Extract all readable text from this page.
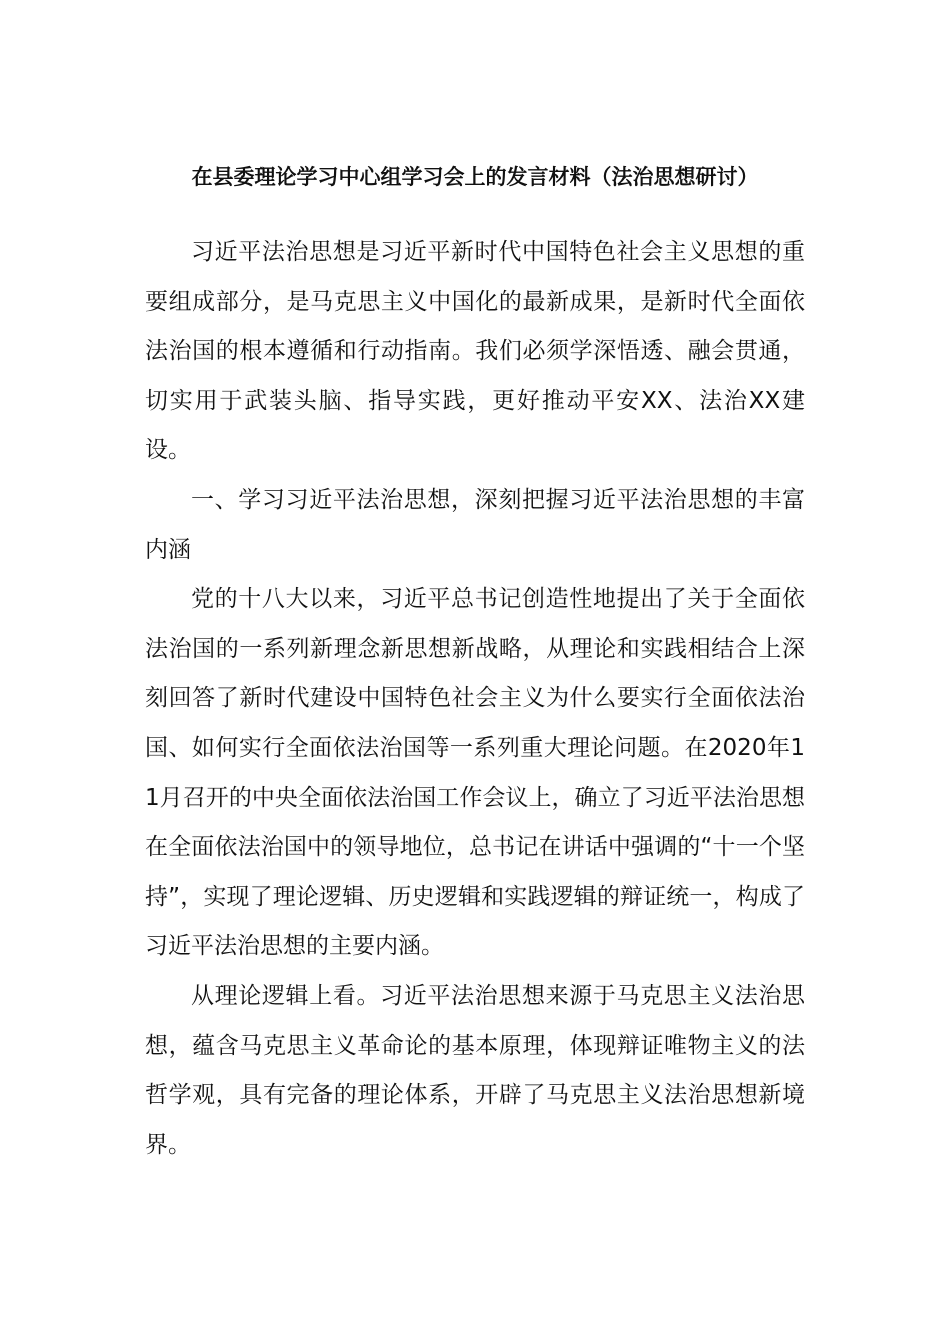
在县委理论学习中心组学习会上的发言材料（法治思想研讨）

习近平法治思想是习近平新时代中国特色社会主义思想的重要组成部分，是马克思主义中国化的最新成果，是新时代全面依法治国的根本遵循和行动指南。我们必须学深悟透、融会贯通，切实用于武装头脑、指导实践，更好推动平安XX、法治XX建设。

一、学习习近平法治思想，深刻把握习近平法治思想的丰富内涵

党的十八大以来，习近平总书记创造性地提出了关于全面依法治国的一系列新理念新思想新战略，从理论和实践相结合上深刻回答了新时代建设中国特色社会主义为什么要实行全面依法治国、如何实行全面依法治国等一系列重大理论问题。在2020年11月召开的中央全面依法治国工作会议上，确立了习近平法治思想在全面依法治国中的领导地位，总书记在讲话中强调的“十一个坚持”，实现了理论逻辑、历史逻辑和实践逻辑的辩证统一，构成了习近平法治思想的主要内涵。

从理论逻辑上看。习近平法治思想来源于马克思主义法治思想，蕴含马克思主义革命论的基本原理，体现辩证唯物主义的法哲学观，具有完备的理论体系，开辟了马克思主义法治思想新境界。
